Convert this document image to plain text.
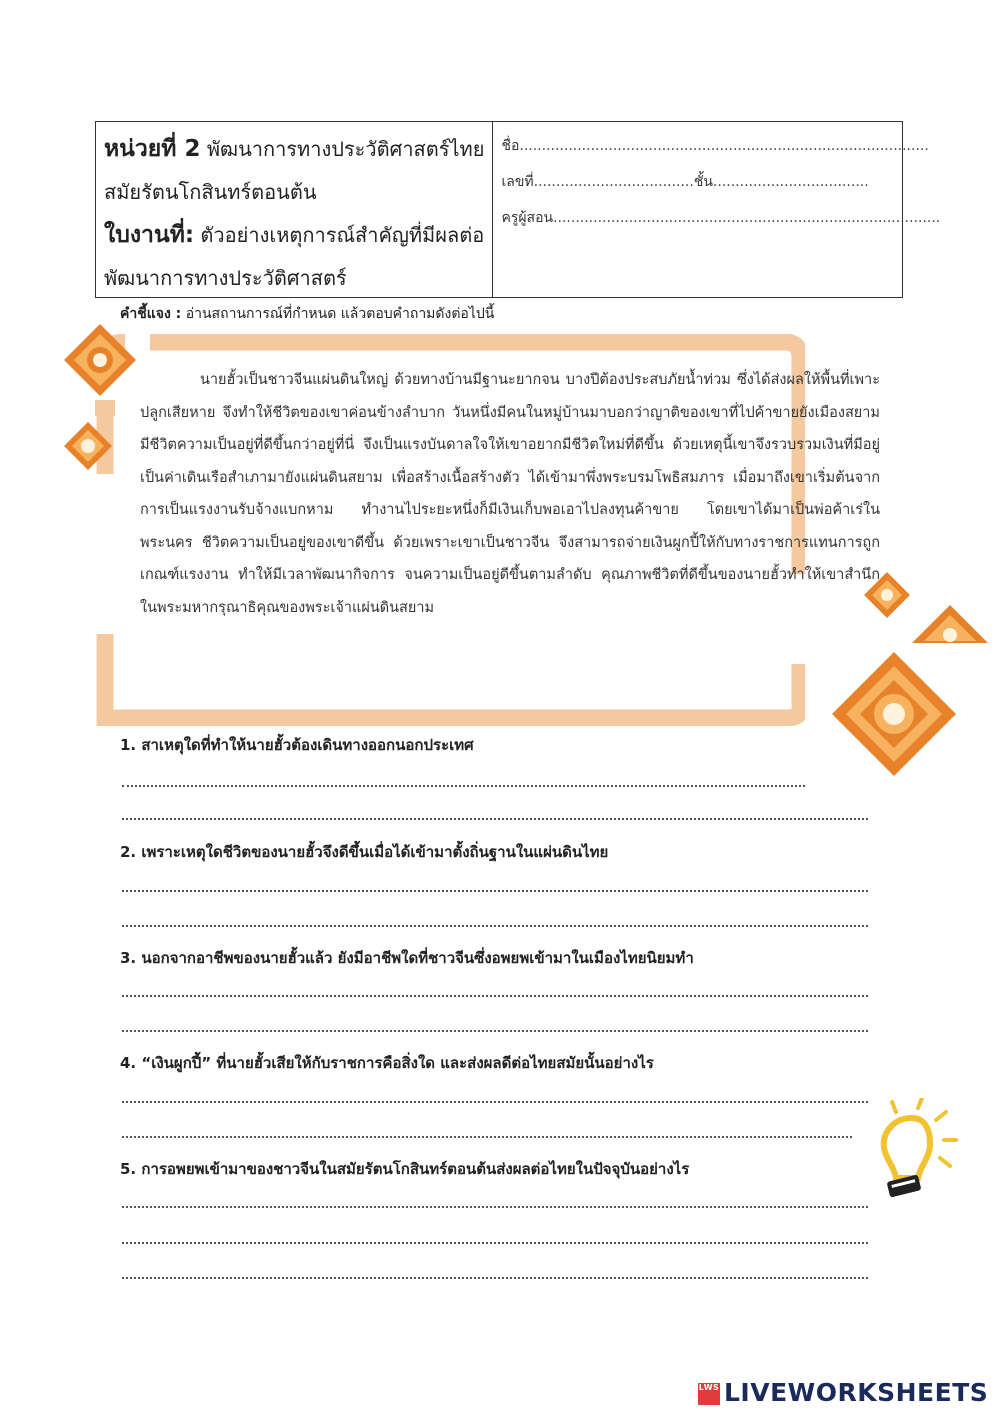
หน่วยที่ 2 พัฒนาการทางประวัติศาสตร์ไทย
สมัยรัตนโกสินทร์ตอนต้น
ใบงานที่: ตัวอย่างเหตุการณ์สำคัญที่มีผลต่อ
พัฒนาการทางประวัติศาสตร์
ชื่อ............................................................................................
เลขที่....................................ชั้น...................................
ครูผู้สอน.......................................................................................
คำชี้แจง : อ่านสถานการณ์ที่กำหนด แล้วตอบคำถามดังต่อไปนี้

นายฮั้วเป็นชาวจีนแผ่นดินใหญ่ ด้วยทางบ้านมีฐานะยากจน บางปีต้องประสบภัยน้ำท่วม ซึ่งได้ส่งผลให้พื้นที่เพาะปลูกเสียหาย จึงทำให้ชีวิตของเขาค่อนข้างลำบาก วันหนึ่งมีคนในหมู่บ้านมาบอกว่าญาติของเขาที่ไปค้าขายยังเมืองสยามมีชีวิตความเป็นอยู่ที่ดีขึ้นกว่าอยู่ที่นี่ จึงเป็นแรงบันดาลใจให้เขาอยากมีชีวิตใหม่ที่ดีขึ้น ด้วยเหตุนี้เขาจึงรวบรวมเงินที่มีอยู่เป็นค่าเดินเรือสำเภามายังแผ่นดินสยาม เพื่อสร้างเนื้อสร้างตัว ได้เข้ามาพึ่งพระบรมโพธิสมภาร เมื่อมาถึงเขาเริ่มต้นจากการเป็นแรงงานรับจ้างแบกหาม ทำงานไประยะหนึ่งก็มีเงินเก็บพอเอาไปลงทุนค้าขาย โดยเขาได้มาเป็นพ่อค้าเร่ในพระนคร ชีวิตความเป็นอยู่ของเขาดีขึ้น ด้วยเพราะเขาเป็นชาวจีน จึงสามารถจ่ายเงินผูกปี้ให้กับทางราชการแทนการถูกเกณฑ์แรงงาน ทำให้มีเวลาพัฒนากิจการ จนความเป็นอยู่ดีขึ้นตามลำดับ คุณภาพชีวิตที่ดีขึ้นของนายฮั้วทำให้เขาสำนึกในพระมหากรุณาธิคุณของพระเจ้าแผ่นดินสยาม

1. สาเหตุใดที่ทำให้นายฮั้วต้องเดินทางออกนอกประเทศ
2. เพราะเหตุใดชีวิตของนายฮั้วจึงดีขึ้นเมื่อได้เข้ามาตั้งถิ่นฐานในแผ่นดินไทย
3. นอกจากอาชีพของนายฮั้วแล้ว ยังมีอาชีพใดที่ชาวจีนซึ่งอพยพเข้ามาในเมืองไทยนิยมทำ
4. “เงินผูกปี้” ที่นายฮั้วเสียให้กับราชการคือสิ่งใด และส่งผลดีต่อไทยสมัยนั้นอย่างไร
5. การอพยพเข้ามาของชาวจีนในสมัยรัตนโกสินทร์ตอนต้นส่งผลต่อไทยในปัจจุบันอย่างไร
LWS LIVEWORKSHEETS
